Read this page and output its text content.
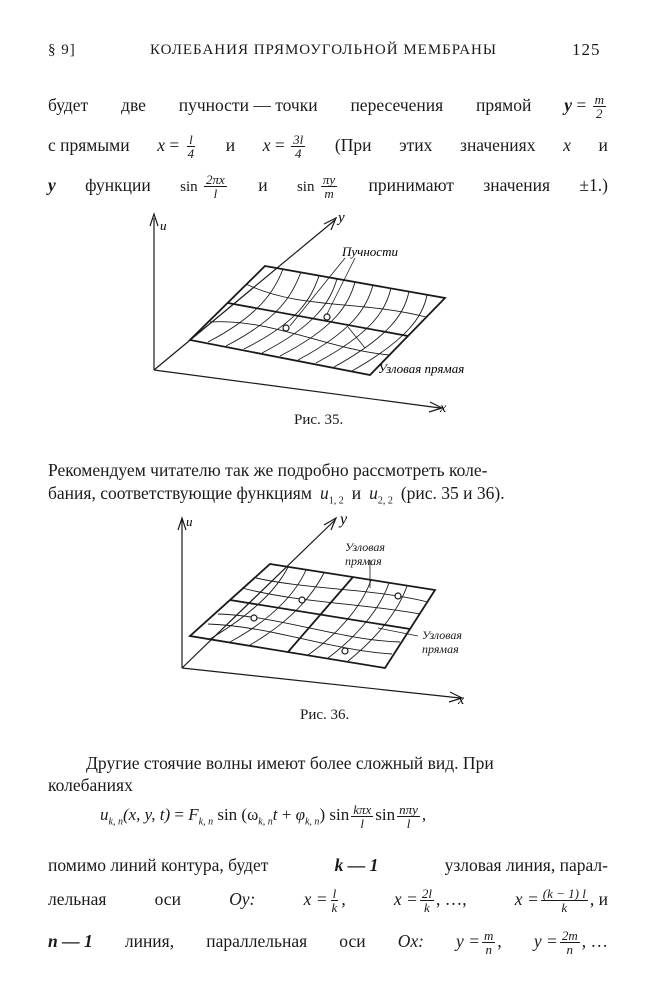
§ 9]	КОЛЕБАНИЯ ПРЯМОУГОЛЬНОЙ МЕМБРАНЫ	125
будет две пучности — точки пересечения прямой $y = \frac{m}{2}$
с прямыми $x = \frac{l}{4}$ и $x = \frac{3l}{4} (При$ этих значениях x и
y функции $\sin \frac{2\pi x}{l}$ и $\sin \frac{\pi y}{m}$ принимают значения ±1.)
u	y
x
Пучности
Узловая прямая
Рис. 35.
Рекомендуем читателю так же подробно рассмотреть коле-
бания, соответствующие функциям $u_{1, 2}$ и $u_{2, 2}$ (рис. 35 и 36).
u	y
x
Узловая прямая
Узловая прямая
Рис. 36.
Другие стоячие волны имеют более сложный вид. При
колебаниях
$u_{k, n}(x$, y, $t) = F_{k, n}$ $\sin (\omega_{k, n}t + \varphi_{k, n})$ $\sin \frac{\text{kπx}}{l}$ $\sin \frac{\text{nπy}}{l}$ ,
помимо линий контура, будет	k — 1	узловая линия, парал-
лельная	оси	Oy:	$x = \frac{l}{k}$ ,	$x = \frac{2l}{k}$ , …,	$x = \frac{(k - 1) l}{k}$ , и
n — 1 линия, параллельная оси Ox: $y = \frac{m}{n}$ , $y = \frac{2m}{n}$ , …
